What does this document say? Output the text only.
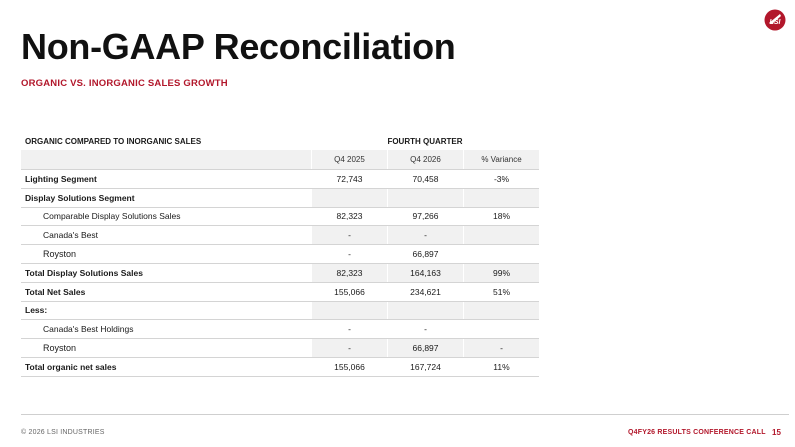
LSI
Non-GAAP Reconciliation
ORGANIC VS. INORGANIC SALES GROWTH
ORGANIC COMPARED TO INORGANIC SALES	FOURTH QUARTER
Q4 2025	Q4 2026	% Variance
Lighting Segment	72,743	70,458	-3%
Display Solutions Segment
Comparable Display Solutions Sales	82,323	97,266	18%
Canada's Best	-	-
Royston	-	66,897
Total Display Solutions Sales	82,323	164,163	99%
Total Net Sales	155,066	234,621	51%
Less:
Canada's Best Holdings	-	-
Royston	-	66,897	-
Total organic net sales	155,066	167,724	11%
© 2026 LSI INDUSTRIES	Q4FY26 RESULTS CONFERENCE CALL 15
